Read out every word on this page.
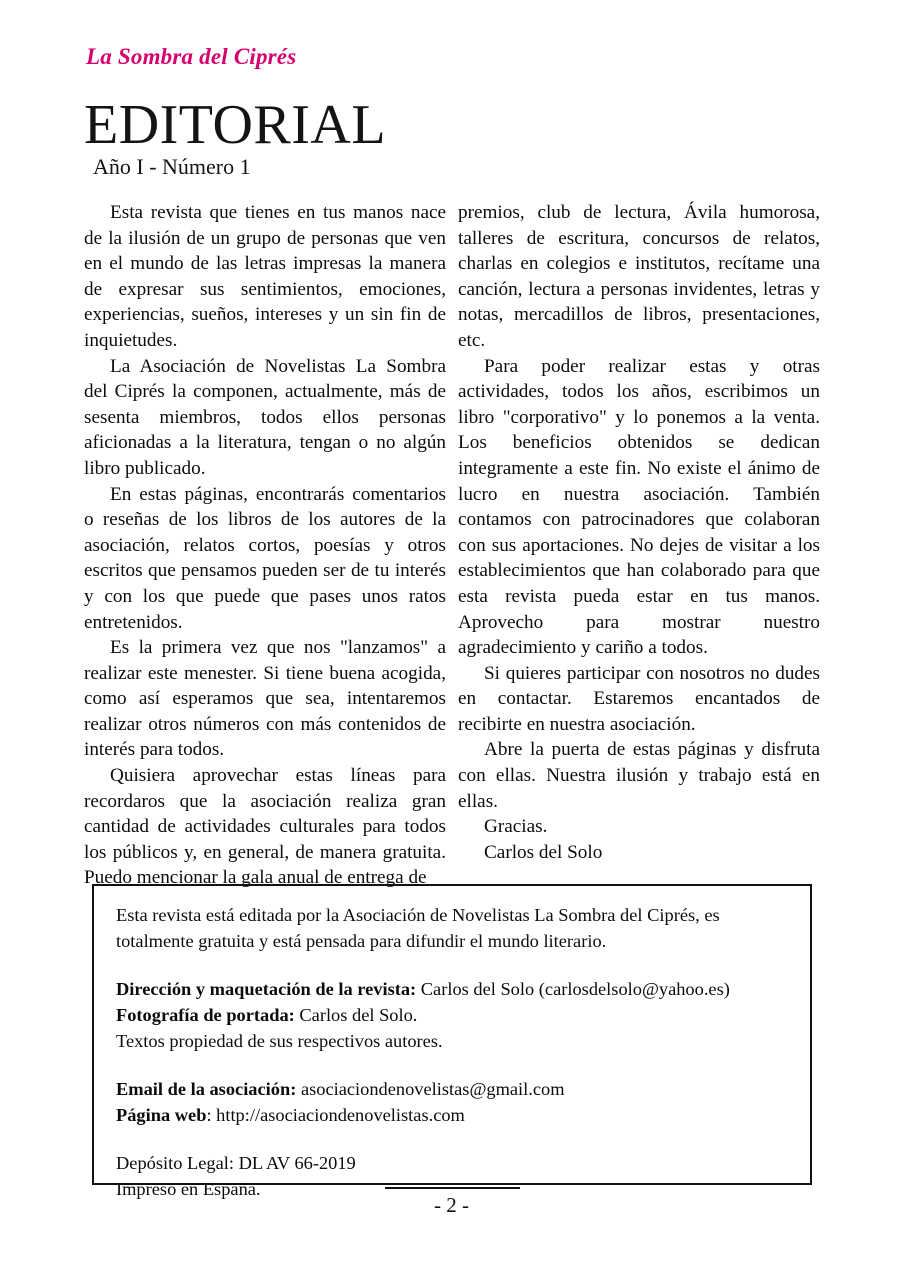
La Sombra del Ciprés
EDITORIAL

Año I - Número 1

Esta revista que tienes en tus manos nace de la ilusión de un grupo de personas que ven en el mundo de las letras impresas la manera de expresar sus sentimientos, emociones, experiencias, sueños, intereses y un sin fin de inquietudes.

La Asociación de Novelistas La Sombra del Ciprés la componen, actualmente, más de sesenta miembros, todos ellos personas aficionadas a la literatura, tengan o no algún libro publicado.

En estas páginas, encontrarás comentarios o reseñas de los libros de los autores de la asociación, relatos cortos, poesías y otros escritos que pensamos pueden ser de tu interés y con los que puede que pases unos ratos entretenidos.

Es la primera vez que nos "lanzamos" a realizar este menester. Si tiene buena acogida, como así esperamos que sea, intentaremos realizar otros números con más contenidos de interés para todos.

Quisiera aprovechar estas líneas para recordaros que la asociación realiza gran cantidad de actividades culturales para todos los públicos y, en general, de manera gratuita. Puedo mencionar la gala anual de entrega de

premios, club de lectura, Ávila humorosa, talleres de escritura, concursos de relatos, charlas en colegios e institutos, recítame una canción, lectura a personas invidentes, letras y notas, mercadillos de libros, presentaciones, etc.

Para poder realizar estas y otras actividades, todos los años, escribimos un libro "corporativo" y lo ponemos a la venta. Los beneficios obtenidos se dedican integramente a este fin. No existe el ánimo de lucro en nuestra asociación. También contamos con patrocinadores que colaboran con sus aportaciones. No dejes de visitar a los establecimientos que han colaborado para que esta revista pueda estar en tus manos. Aprovecho para mostrar nuestro agradecimiento y cariño a todos.

Si quieres participar con nosotros no dudes en contactar. Estaremos encantados de recibirte en nuestra asociación.

Abre la puerta de estas páginas y disfruta con ellas. Nuestra ilusión y trabajo está en ellas.

Gracias.

Carlos del Solo

Esta revista está editada por la Asociación de Novelistas La Sombra del Ciprés, es totalmente gratuita y está pensada para difundir el mundo literario.

Dirección y maquetación de la revista: Carlos del Solo (carlosdelsolo@yahoo.es)

Fotografía de portada: Carlos del Solo.

Textos propiedad de sus respectivos autores.

Email de la asociación: asociaciondenovelistas@gmail.com

Página web: http://asociaciondenovelistas.com

Depósito Legal: DL AV 66-2019

Impreso en España.

- 2 -
